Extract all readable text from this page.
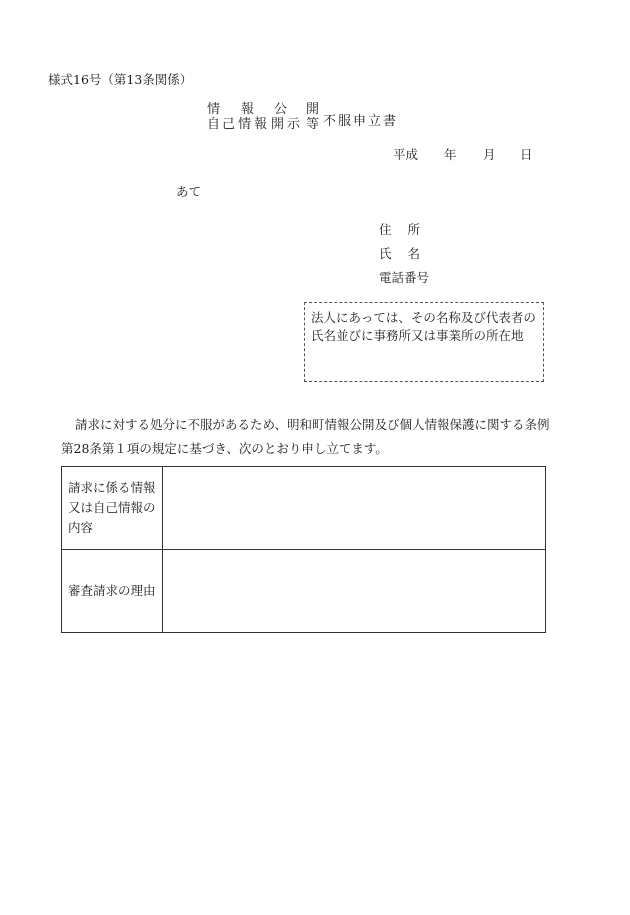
様式16号（第13条関係）
情
自 己 情
報
報
公
開 示
開
等 不服申立書
平成 年 月 日
あて
住 所
氏 名
電話番号
法人にあっては、その名称及び代表者の
氏名並びに事務所又は事業所の所在地
請求に対する処分に不服があるため、明和町情報公開及び個人情報保護に関する条例
第28条第１項の規定に基づき、次のとおり申し立てます。
請求に係る情報
又は自己情報の
内容	

審査請求の理由	
